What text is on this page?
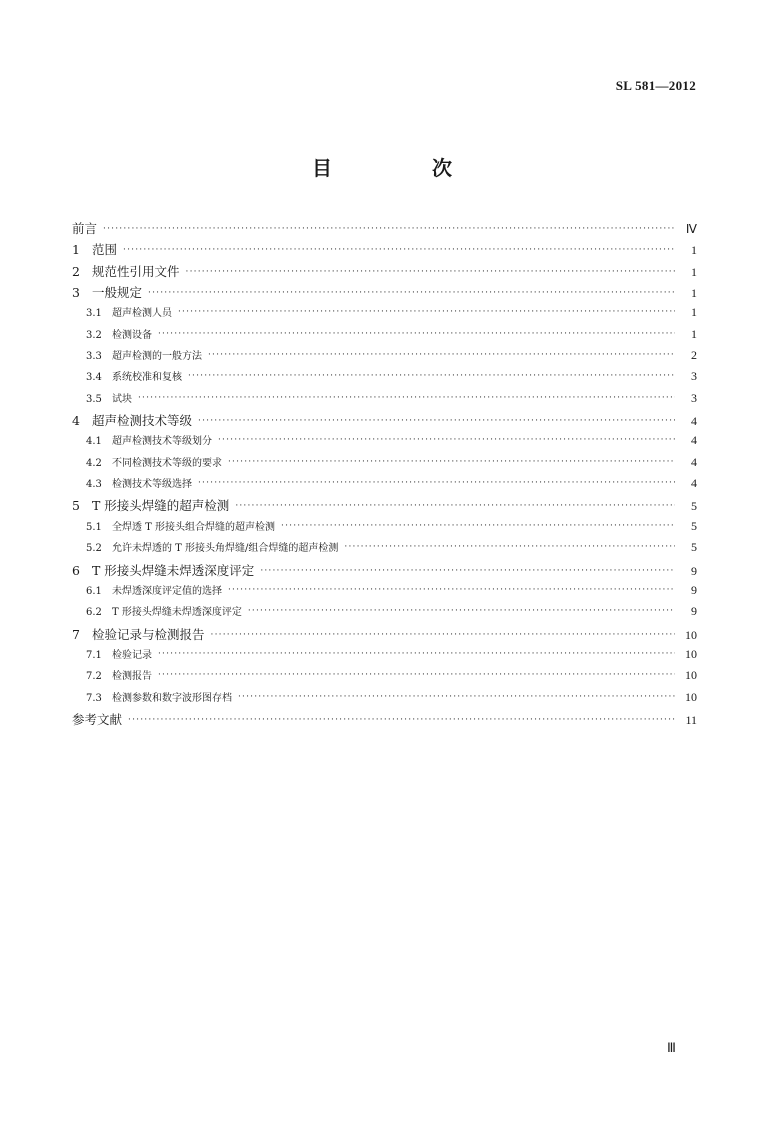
SL 581—2012
目　次
前言 ·····	Ⅳ
1 范围 ·····	1
2 规范性引用文件 ·····	1
3 一般规定 ·····	1
3.1	超声检测人员 ·····	1
3.2	检测设备 ·····	1
3.3	超声检测的一般方法 ·····	2
3.4	系统校准和复核 ·····	3
3.5	试块 ·····	3
4 超声检测技术等级 ·····	4
4.1	超声检测技术等级划分 ·····	4
4.2	不同检测技术等级的要求 ·····	4
4.3	检测技术等级选择 ·····	4
5 T 形接头焊缝的超声检测 ·····	5
5.1	全焊透 T 形接头组合焊缝的超声检测 ·····	5
5.2	允许未焊透的 T 形接头角焊缝/组合焊缝的超声检测 ·····	5
6 T 形接头焊缝未焊透深度评定 ·····	9
6.1	未焊透深度评定值的选择 ·····	9
6.2	T 形接头焊缝未焊透深度评定 ·····	9
7 检验记录与检测报告 ·····	10
7.1	检验记录 ·····	10
7.2	检测报告 ·····	10
7.3	检测参数和数字波形图存档 ·····	10
参考文献 ·····	11
Ⅲ
